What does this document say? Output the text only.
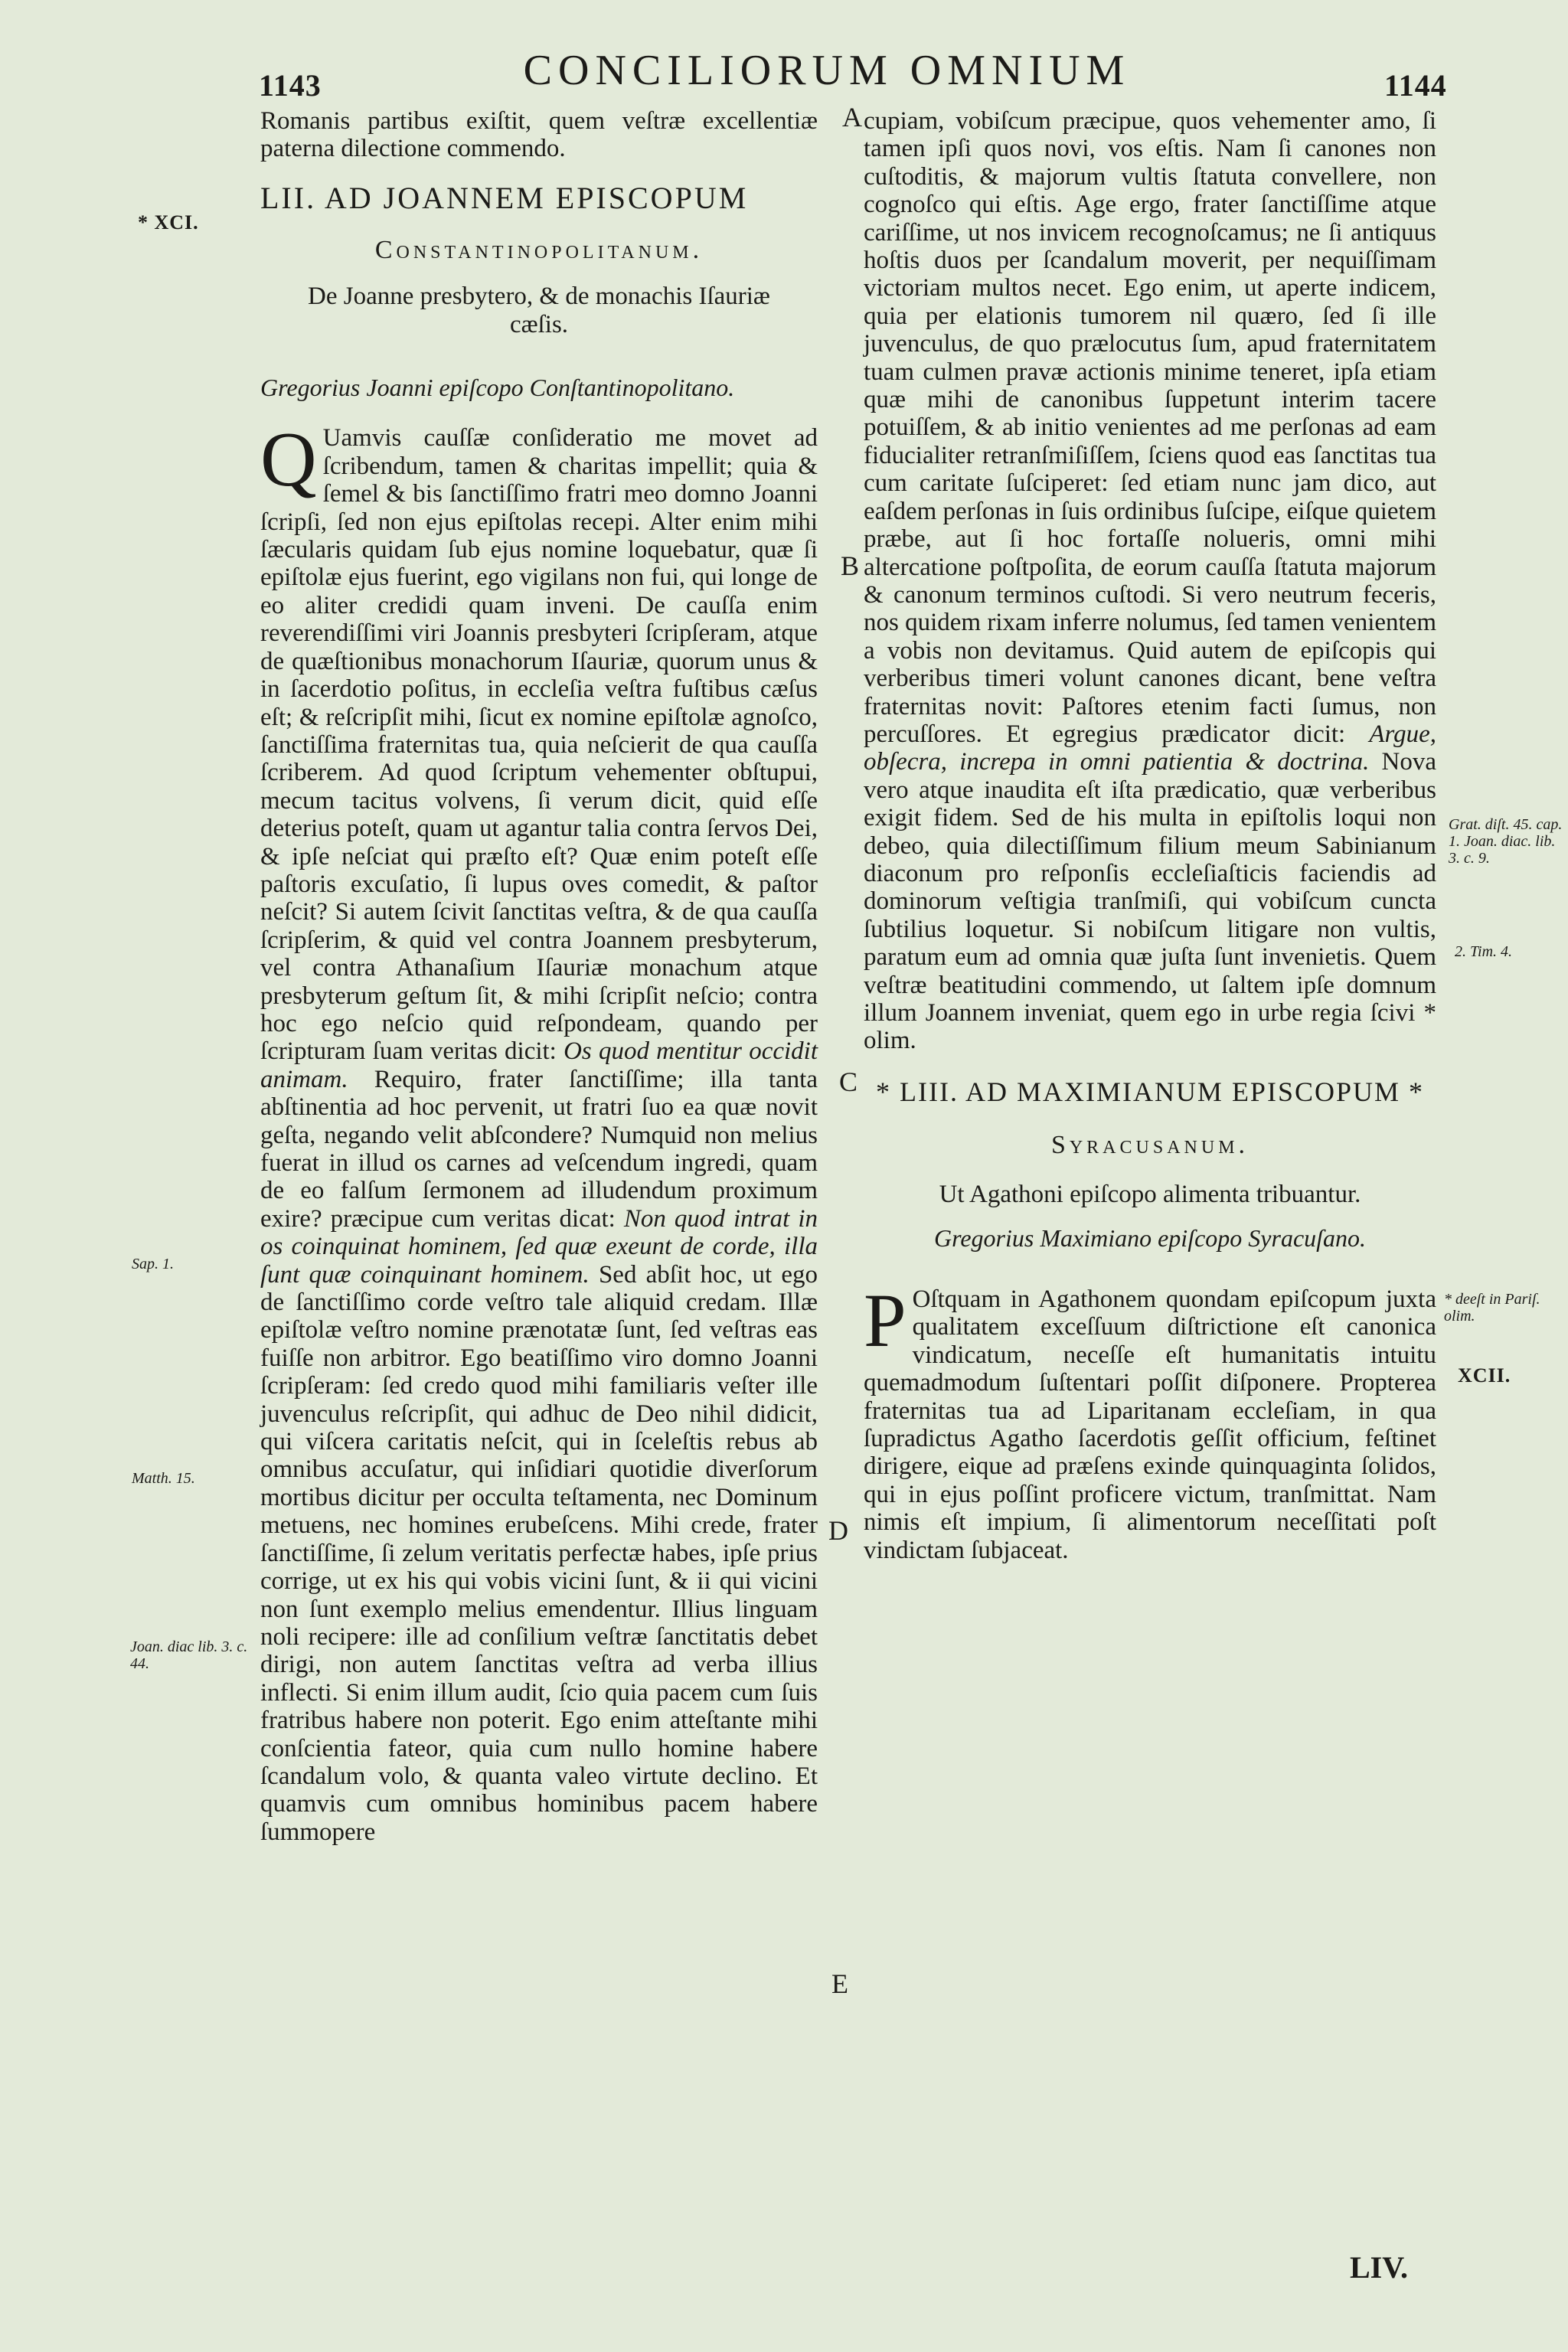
1143	CONCILIORUM OMNIUM	1144

Romanis partibus exiſtit, quem veſtræ excellentiæ paterna dilectione commendo.

LII. AD JOANNEM EPISCOPUM

Constantinopolitanum.

De Joanne presbytero, & de monachis Iſauriæ cæſis.

Gregorius Joanni epiſcopo Conſtantinopolitano.

Q Uamvis cauſſæ conſideratio me movet ad ſcribendum, tamen & charitas impellit; quia & ſemel & bis ſanctiſſimo fratri meo domno Joanni ſcripſi, ſed non ejus epiſtolas recepi. Alter enim mihi ſæcularis quidam ſub ejus nomine loquebatur, quæ ſi epiſtolæ ejus fuerint, ego vigilans non fui, qui longe de eo aliter credidi quam inveni. De cauſſa enim reverendiſſimi viri Joannis presbyteri ſcripſeram, atque de quæſtionibus monachorum Iſauriæ, quorum unus & in ſacerdotio poſitus, in eccleſia veſtra fuſtibus cæſus eſt; & reſcripſit mihi, ſicut ex nomine epiſtolæ agnoſco, ſanctiſſima fraternitas tua, quia neſcierit de qua cauſſa ſcriberem. Ad quod ſcriptum vehementer obſtupui, mecum tacitus volvens, ſi verum dicit, quid eſſe deterius poteſt, quam ut agantur talia contra ſervos Dei, & ipſe neſciat qui præſto eſt? Quæ enim poteſt eſſe paſtoris excuſatio, ſi lupus oves comedit, & paſtor neſcit? Si autem ſcivit ſanctitas veſtra, & de qua cauſſa ſcripſerim, & quid vel contra Joannem presbyterum, vel contra Athanaſium Iſauriæ monachum atque presbyterum geſtum ſit, & mihi ſcripſit neſcio; contra hoc ego neſcio quid reſpondeam, quando per ſcripturam ſuam veritas dicit: Os quod mentitur occidit animam. Requiro, frater ſanctiſſime; illa tanta abſtinentia ad hoc pervenit, ut fratri ſuo ea quæ novit geſta, negando velit abſcondere? Numquid non melius fuerat in illud os carnes ad veſcendum ingredi, quam de eo falſum ſermonem ad illudendum proximum exire? præcipue cum veritas dicat: Non quod intrat in os coinquinat hominem, ſed quæ exeunt de corde, illa ſunt quæ coinquinant hominem. Sed abſit hoc, ut ego de ſanctiſſimo corde veſtro tale aliquid credam. Illæ epiſtolæ veſtro nomine prænotatæ ſunt, ſed veſtras eas fuiſſe non arbitror. Ego beatiſſimo viro domno Joanni ſcripſeram: ſed credo quod mihi familiaris veſter ille juvenculus reſcripſit, qui adhuc de Deo nihil didicit, qui viſcera caritatis neſcit, qui in ſceleſtis rebus ab omnibus accuſatur, qui inſidiari quotidie diverſorum mortibus dicitur per occulta teſtamenta, nec Dominum metuens, nec homines erubeſcens. Mihi crede, frater ſanctiſſime, ſi zelum veritatis perfectæ habes, ipſe prius corrige, ut ex his qui vobis vicini ſunt, & ii qui vicini non ſunt exemplo melius emendentur. Illius linguam noli recipere: ille ad conſilium veſtræ ſanctitatis debet dirigi, non autem ſanctitas veſtra ad verba illius inflecti. Si enim illum audit, ſcio quia pacem cum ſuis fratribus habere non poterit. Ego enim atteſtante mihi conſcientia fateor, quia cum nullo homine habere ſcandalum volo, & quanta valeo virtute declino. Et quamvis cum omnibus hominibus pacem habere ſummopere

cupiam, vobiſcum præcipue, quos vehementer amo, ſi tamen ipſi quos novi, vos eſtis. Nam ſi canones non cuſtoditis, & majorum vultis ſtatuta convellere, non cognoſco qui eſtis. Age ergo, frater ſanctiſſime atque cariſſime, ut nos invicem recognoſcamus; ne ſi antiquus hoſtis duos per ſcandalum moverit, per nequiſſimam victoriam multos necet. Ego enim, ut aperte indicem, quia per elationis tumorem nil quæro, ſed ſi ille juvenculus, de quo prælocutus ſum, apud fraternitatem tuam culmen pravæ actionis minime teneret, ipſa etiam quæ mihi de canonibus ſuppetunt interim tacere potuiſſem, & ab initio venientes ad me perſonas ad eam fiducialiter retranſmiſiſſem, ſciens quod eas ſanctitas tua cum caritate ſuſciperet: ſed etiam nunc jam dico, aut eaſdem perſonas in ſuis ordinibus ſuſcipe, eiſque quietem præbe, aut ſi hoc fortaſſe nolueris, omni mihi altercatione poſtpoſita, de eorum cauſſa ſtatuta majorum & canonum terminos cuſtodi. Si vero neutrum feceris, nos quidem rixam inferre nolumus, ſed tamen venientem a vobis non devitamus. Quid autem de epiſcopis qui verberibus timeri volunt canones dicant, bene veſtra fraternitas novit: Paſtores etenim facti ſumus, non percuſſores. Et egregius prædicator dicit: Argue, obſecra, increpa in omni patientia & doctrina. Nova vero atque inaudita eſt iſta prædicatio, quæ verberibus exigit fidem. Sed de his multa in epiſtolis loqui non debeo, quia dilectiſſimum filium meum Sabinianum diaconum pro reſponſis eccleſiaſticis faciendis ad dominorum veſtigia tranſmiſi, qui vobiſcum cuncta ſubtilius loquetur. Si nobiſcum litigare non vultis, paratum eum ad omnia quæ juſta ſunt invenietis. Quem veſtræ beatitudini commendo, ut ſaltem ipſe domnum illum Joannem inveniat, quem ego in urbe regia ſcivi * olim.

* LIII. AD MAXIMIANUM EPISCOPUM *

Syracusanum.

Ut Agathoni epiſcopo alimenta tribuantur.

Gregorius Maximiano epiſcopo Syracuſano.

P Oſtquam in Agathonem quondam epiſcopum juxta qualitatem exceſſuum diſtrictione eſt canonica vindicatum, neceſſe eſt humanitatis intuitu quemadmodum ſuſtentari poſſit diſponere. Propterea fraternitas tua ad Liparitanam eccleſiam, in qua ſupradictus Agatho ſacerdotis geſſit officium, feſtinet dirigere, eique ad præſens exinde quinquaginta ſolidos, qui in ejus poſſint proficere victum, tranſmittat. Nam nimis eſt impium, ſi alimentorum neceſſitati poſt vindictam ſubjaceat.

* XCI.
Sap. 1.
Matth. 15.
Joan. diac lib. 3. c. 44.
Grat. diſt. 45. cap. 1. Joan. diac. lib. 3. c. 9.
2. Tim. 4.
* deeſt in Pariſ. olim.
XCII.
A
B
C
D
E
LIV.
